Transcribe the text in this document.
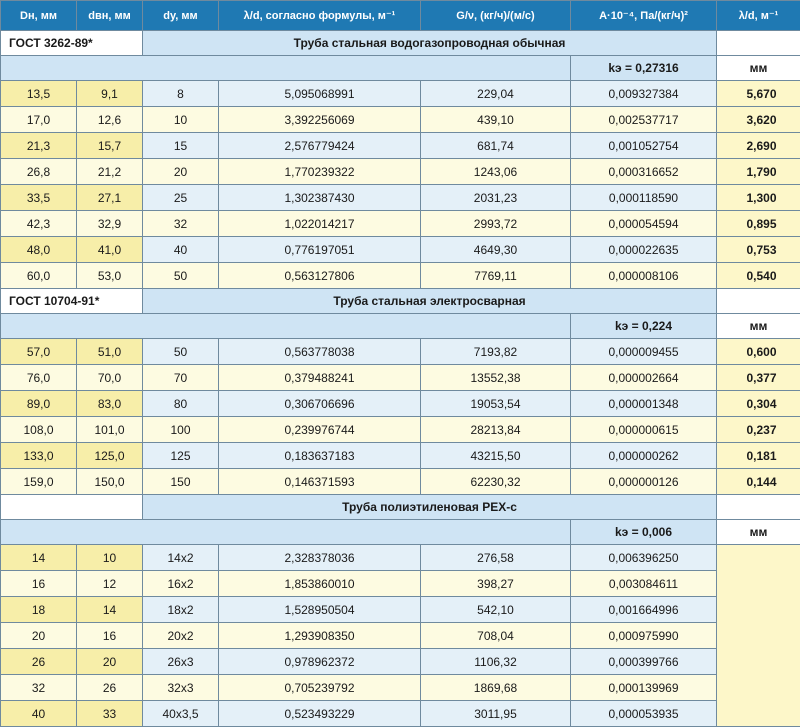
Dн, мм	dвн, мм	dу, мм	λ/d, согласно формулы, м⁻¹	G/ν, (кг/ч)/(м/с)	A·10⁻⁴, Па/(кг/ч)²	λ/d, м⁻¹
ГОСТ 3262-89*		Труба стальная водогазопроводная обычная				
					kэ = 0,27316	мм
13,5	9,1	8	5,095068991	229,04	0,009327384	5,670
17,0	12,6	10	3,392256069	439,10	0,002537717	3,620
21,3	15,7	15	2,576779424	681,74	0,001052754	2,690
26,8	21,2	20	1,770239322	1243,06	0,000316652	1,790
33,5	27,1	25	1,302387430	2031,23	0,000118590	1,300
42,3	32,9	32	1,022014217	2993,72	0,000054594	0,895
48,0	41,0	40	0,776197051	4649,30	0,000022635	0,753
60,0	53,0	50	0,563127806	7769,11	0,000008106	0,540
ГОСТ 10704-91*		Труба стальная электросварная				
					kэ = 0,224	мм
57,0	51,0	50	0,563778038	7193,82	0,000009455	0,600
76,0	70,0	70	0,379488241	13552,38	0,000002664	0,377
89,0	83,0	80	0,306706696	19053,54	0,000001348	0,304
108,0	101,0	100	0,239976744	28213,84	0,000000615	0,237
133,0	125,0	125	0,183637183	43215,50	0,000000262	0,181
159,0	150,0	150	0,146371593	62230,32	0,000000126	0,144
		Труба полиэтиленовая PEX-c				
					kэ = 0,006	мм
14	10	14x2	2,328378036	276,58	0,006396250	
16	12	16x2	1,853860010	398,27	0,003084611	
18	14	18x2	1,528950504	542,10	0,001664996	
20	16	20x2	1,293908350	708,04	0,000975990	
26	20	26x3	0,978962372	1106,32	0,000399766	
32	26	32x3	0,705239792	1869,68	0,000139969	
40	33	40x3,5	0,523493229	3011,95	0,000053935	
